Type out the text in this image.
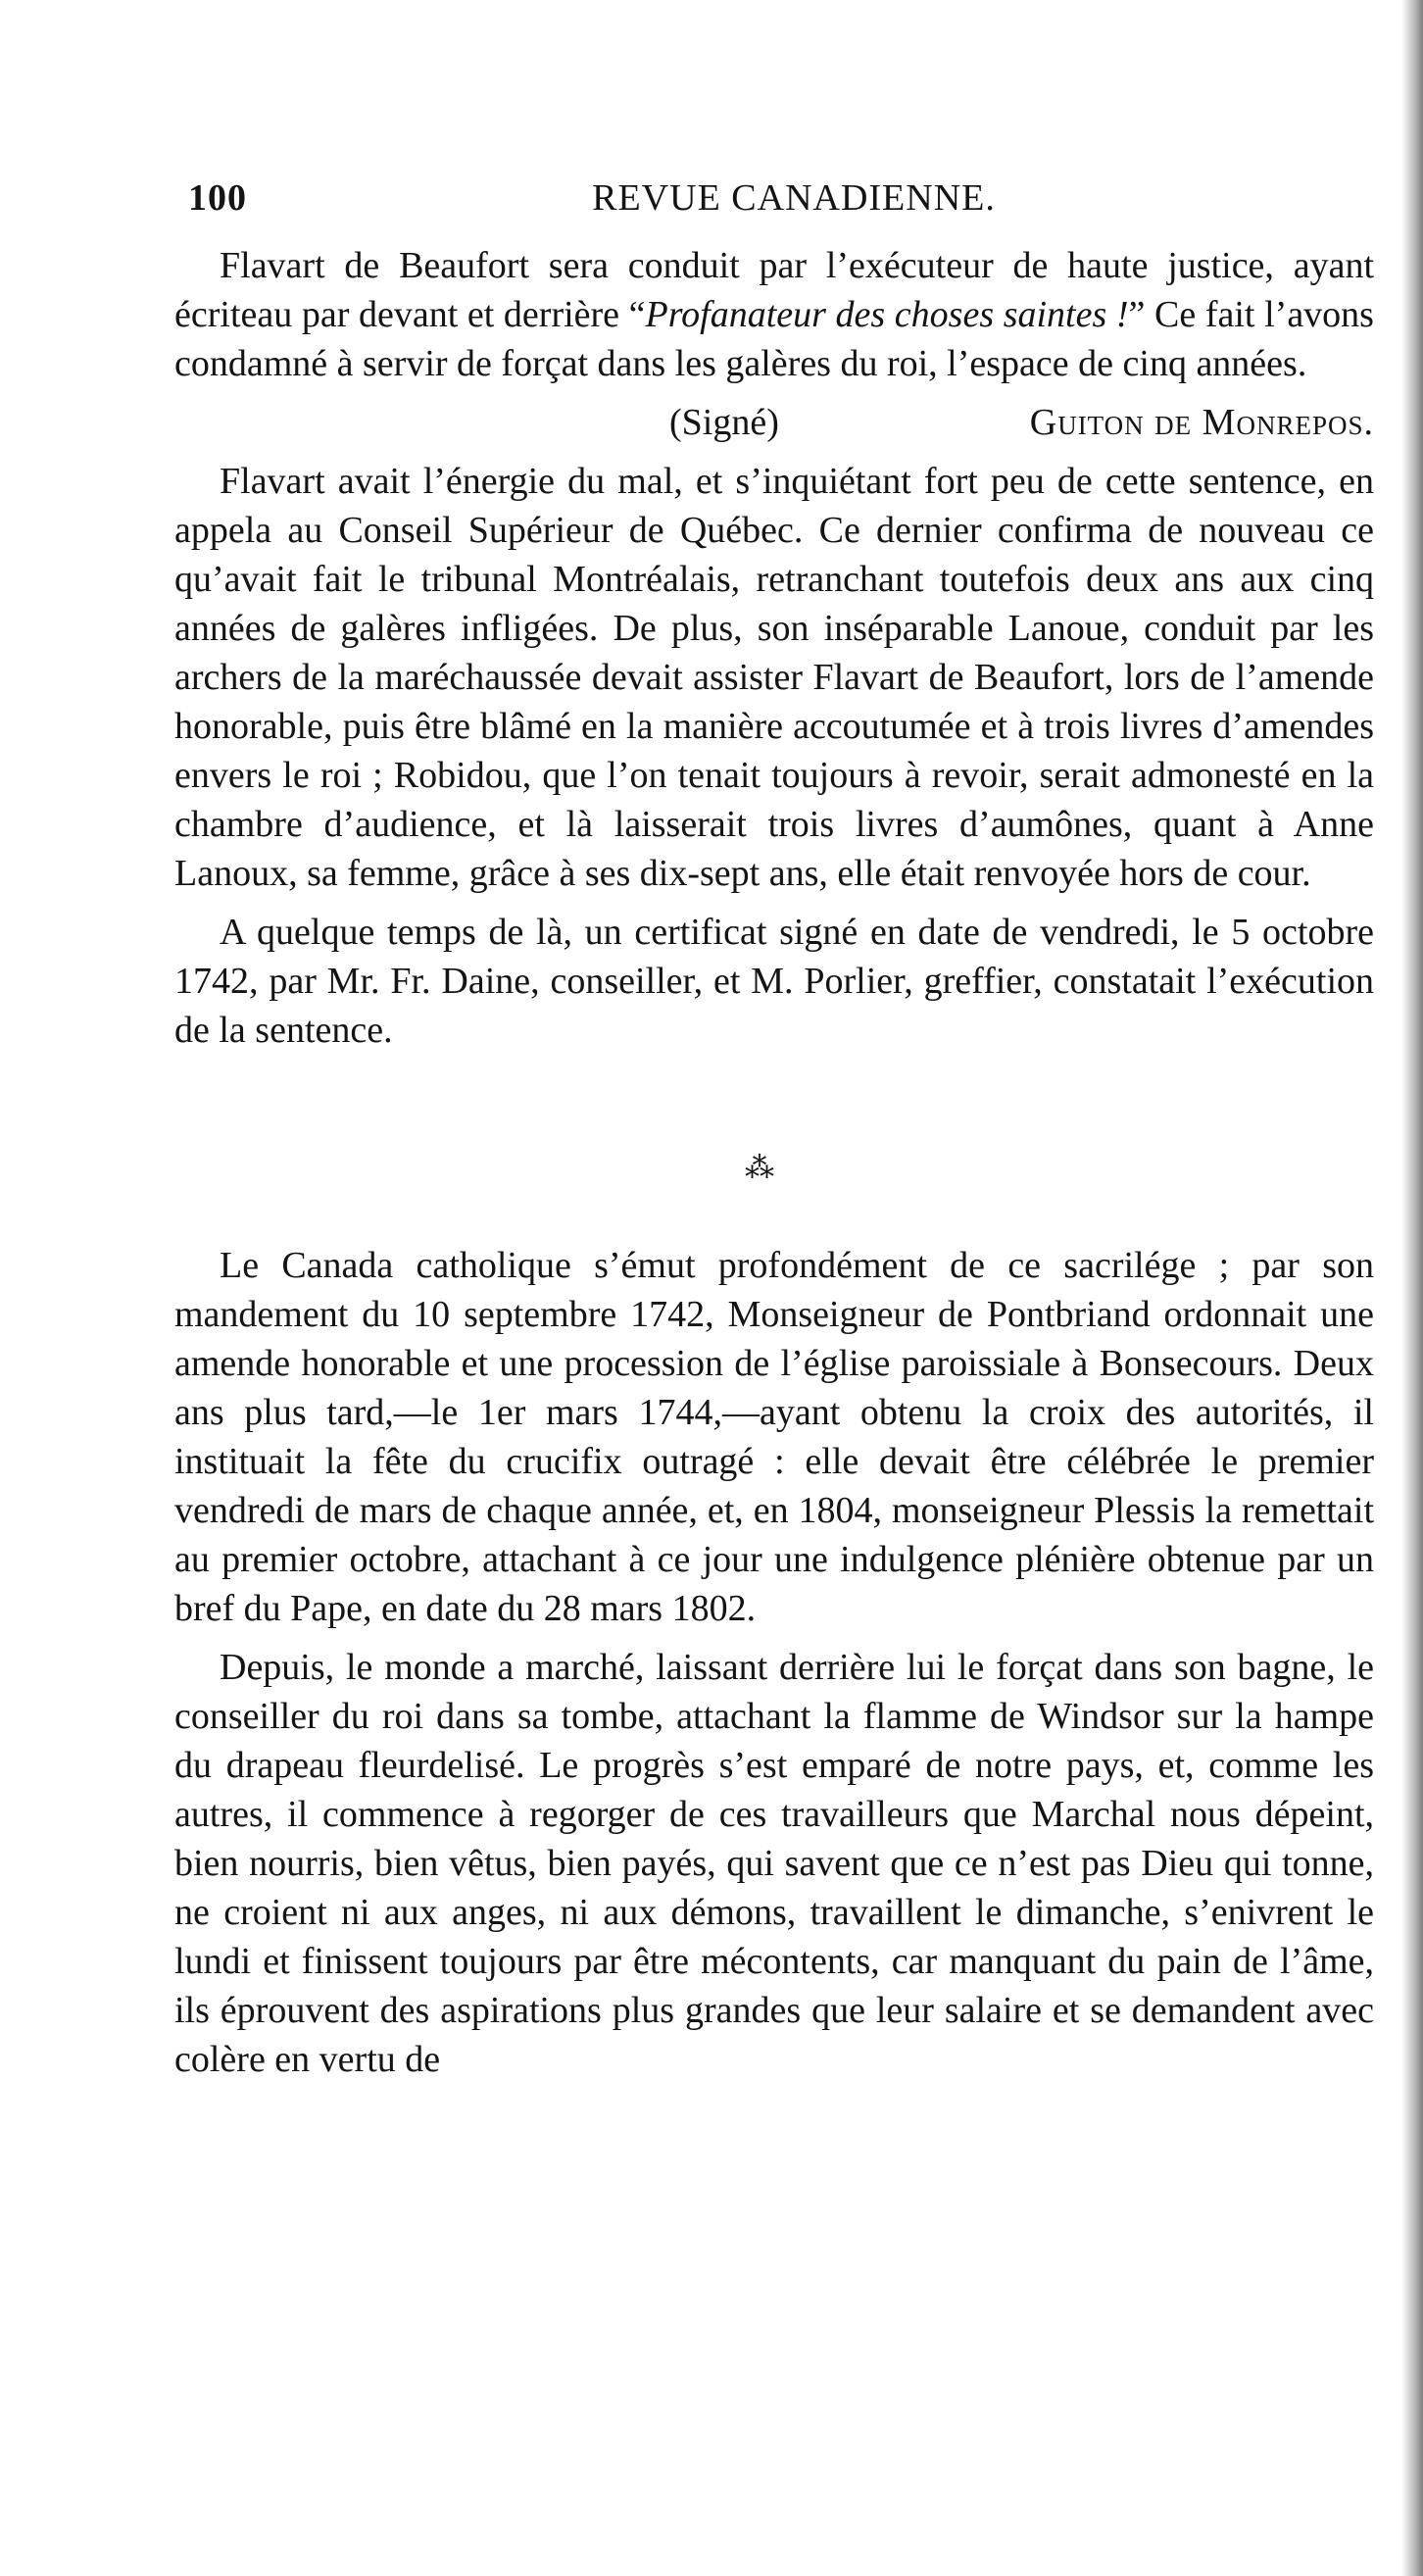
100	REVUE CANADIENNE.

Flavart de Beaufort sera conduit par l’exécuteur de haute justice, ayant écriteau par devant et derrière “Profanateur des choses saintes !” Ce fait l’avons condamné à servir de forçat dans les galères du roi, l’espace de cinq années.

(Signé)	Guiton de Monrepos.

Flavart avait l’énergie du mal, et s’inquiétant fort peu de cette sentence, en appela au Conseil Supérieur de Québec. Ce dernier confirma de nouveau ce qu’avait fait le tribunal Montréalais, retranchant toutefois deux ans aux cinq années de galères infligées. De plus, son inséparable Lanoue, conduit par les archers de la maréchaussée devait assister Flavart de Beaufort, lors de l’amende honorable, puis être blâmé en la manière accoutumée et à trois livres d’amendes envers le roi ; Robidou, que l’on tenait toujours à revoir, serait admonesté en la chambre d’audience, et là laisserait trois livres d’aumônes, quant à Anne Lanoux, sa femme, grâce à ses dix-sept ans, elle était renvoyée hors de cour.

A quelque temps de là, un certificat signé en date de vendredi, le 5 octobre 1742, par Mr. Fr. Daine, conseiller, et M. Porlier, greffier, constatait l’exécution de la sentence.

⁂

Le Canada catholique s’émut profondément de ce sacrilége ; par son mandement du 10 septembre 1742, Monseigneur de Pontbriand ordonnait une amende honorable et une procession de l’église paroissiale à Bonsecours. Deux ans plus tard,—le 1er mars 1744,—ayant obtenu la croix des autorités, il instituait la fête du crucifix outragé : elle devait être célébrée le premier vendredi de mars de chaque année, et, en 1804, monseigneur Plessis la remettait au premier octobre, attachant à ce jour une indulgence plénière obtenue par un bref du Pape, en date du 28 mars 1802.

Depuis, le monde a marché, laissant derrière lui le forçat dans son bagne, le conseiller du roi dans sa tombe, attachant la flamme de Windsor sur la hampe du drapeau fleurdelisé. Le progrès s’est emparé de notre pays, et, comme les autres, il commence à regorger de ces travailleurs que Marchal nous dépeint, bien nourris, bien vêtus, bien payés, qui savent que ce n’est pas Dieu qui tonne, ne croient ni aux anges, ni aux démons, travaillent le dimanche, s’enivrent le lundi et finissent toujours par être mécontents, car manquant du pain de l’âme, ils éprouvent des aspirations plus grandes que leur salaire et se demandent avec colère en vertu de
